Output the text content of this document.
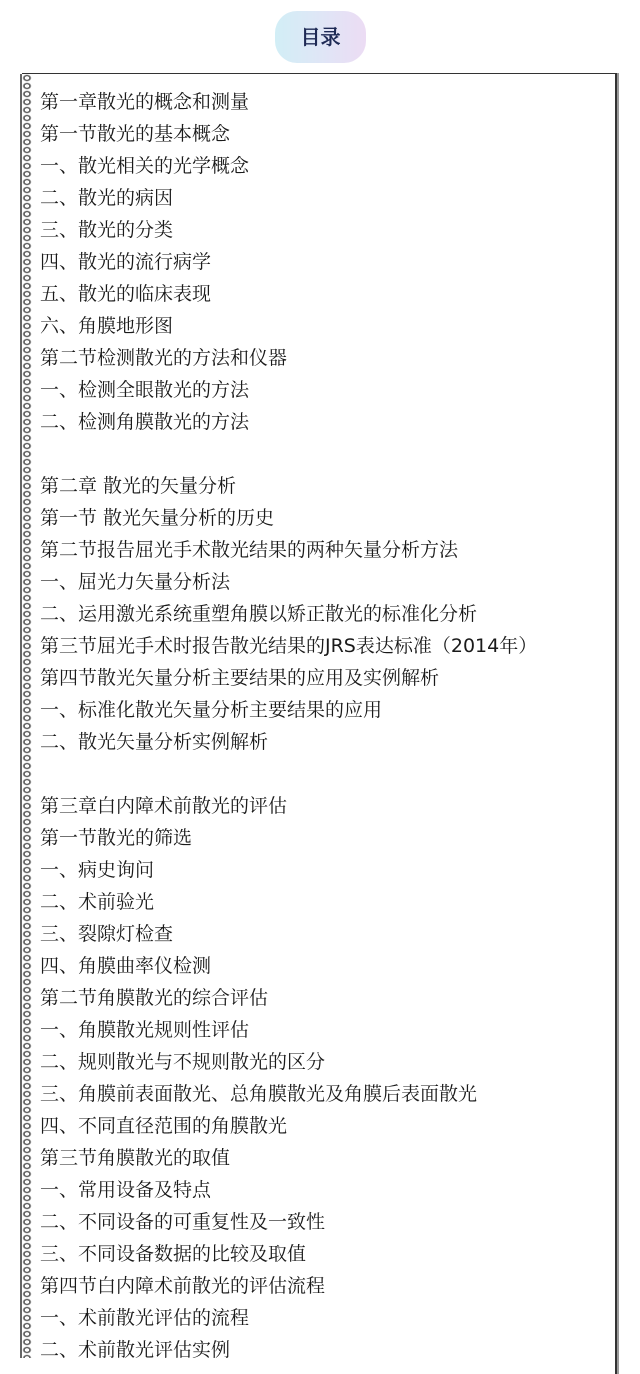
目录
第一章散光的概念和测量
第一节散光的基本概念
一、散光相关的光学概念
二、散光的病因
三、散光的分类
四、散光的流行病学
五、散光的临床表现
六、角膜地形图
第二节检测散光的方法和仪器
一、检测全眼散光的方法
二、检测角膜散光的方法
第二章 散光的矢量分析
第一节 散光矢量分析的历史
第二节报告屈光手术散光结果的两种矢量分析方法
一、屈光力矢量分析法
二、运用激光系统重塑角膜以矫正散光的标准化分析
第三节屈光手术时报告散光结果的JRS表达标准（2014年）
第四节散光矢量分析主要结果的应用及实例解析
一、标准化散光矢量分析主要结果的应用
二、散光矢量分析实例解析
第三章白内障术前散光的评估
第一节散光的筛选
一、病史询问
二、术前验光
三、裂隙灯检查
四、角膜曲率仪检测
第二节角膜散光的综合评估
一、角膜散光规则性评估
二、规则散光与不规则散光的区分
三、角膜前表面散光、总角膜散光及角膜后表面散光
四、不同直径范围的角膜散光
第三节角膜散光的取值
一、常用设备及特点
二、不同设备的可重复性及一致性
三、不同设备数据的比较及取值
第四节白内障术前散光的评估流程
一、术前散光评估的流程
二、术前散光评估实例
